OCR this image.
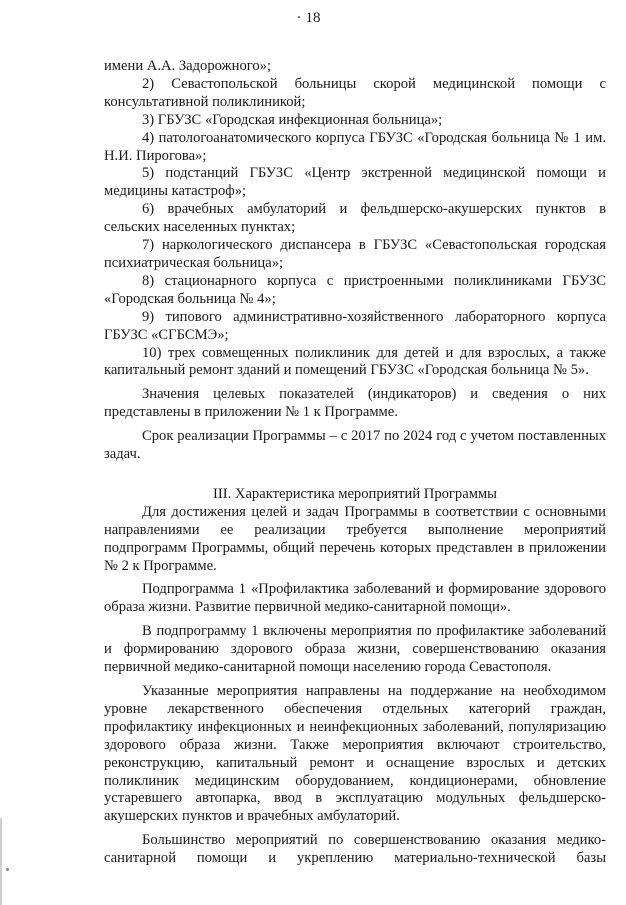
18

имени А.А. Задорожного»;

2) Севастопольской больницы скорой медицинской помощи с консультативной поликлиникой;

3) ГБУЗС «Городская инфекционная больница»;

4) патологоанатомического корпуса ГБУЗС «Городская больница № 1 им. Н.И. Пирогова»;

5) подстанций ГБУЗС «Центр экстренной медицинской помощи и медицины катастроф»;

6) врачебных амбулаторий и фельдшерско-акушерских пунктов в сельских населенных пунктах;

7) наркологического диспансера в ГБУЗС «Севастопольская городская психиатрическая больница»;

8) стационарного корпуса с пристроенными поликлиниками ГБУЗС «Городская больница № 4»;

9) типового административно-хозяйственного лабораторного корпуса ГБУЗС «СГБСМЭ»;

10) трех совмещенных поликлиник для детей и для взрослых, а также капитальный ремонт зданий и помещений ГБУЗС «Городская больница № 5».

Значения целевых показателей (индикаторов) и сведения о них представлены в приложении № 1 к Программе.

Срок реализации Программы – с 2017 по 2024 год с учетом поставленных задач.

III. Характеристика мероприятий Программы

Для достижения целей и задач Программы в соответствии с основными направлениями ее реализации требуется выполнение мероприятий подпрограмм Программы, общий перечень которых представлен в приложении № 2 к Программе.

Подпрограмма 1 «Профилактика заболеваний и формирование здорового образа жизни. Развитие первичной медико-санитарной помощи».

В подпрограмму 1 включены мероприятия по профилактике заболеваний и формированию здорового образа жизни, совершенствованию оказания первичной медико-санитарной помощи населению города Севастополя.

Указанные мероприятия направлены на поддержание на необходимом уровне лекарственного обеспечения отдельных категорий граждан, профилактику инфекционных и неинфекционных заболеваний, популяризацию здорового образа жизни. Также мероприятия включают строительство, реконструкцию, капитальный ремонт и оснащение взрослых и детских поликлиник медицинским оборудованием, кондиционерами, обновление устаревшего автопарка, ввод в эксплуатацию модульных фельдшерско-акушерских пунктов и врачебных амбулаторий.

Большинство мероприятий по совершенствованию оказания медико-санитарной помощи и укреплению материально-технической базы
